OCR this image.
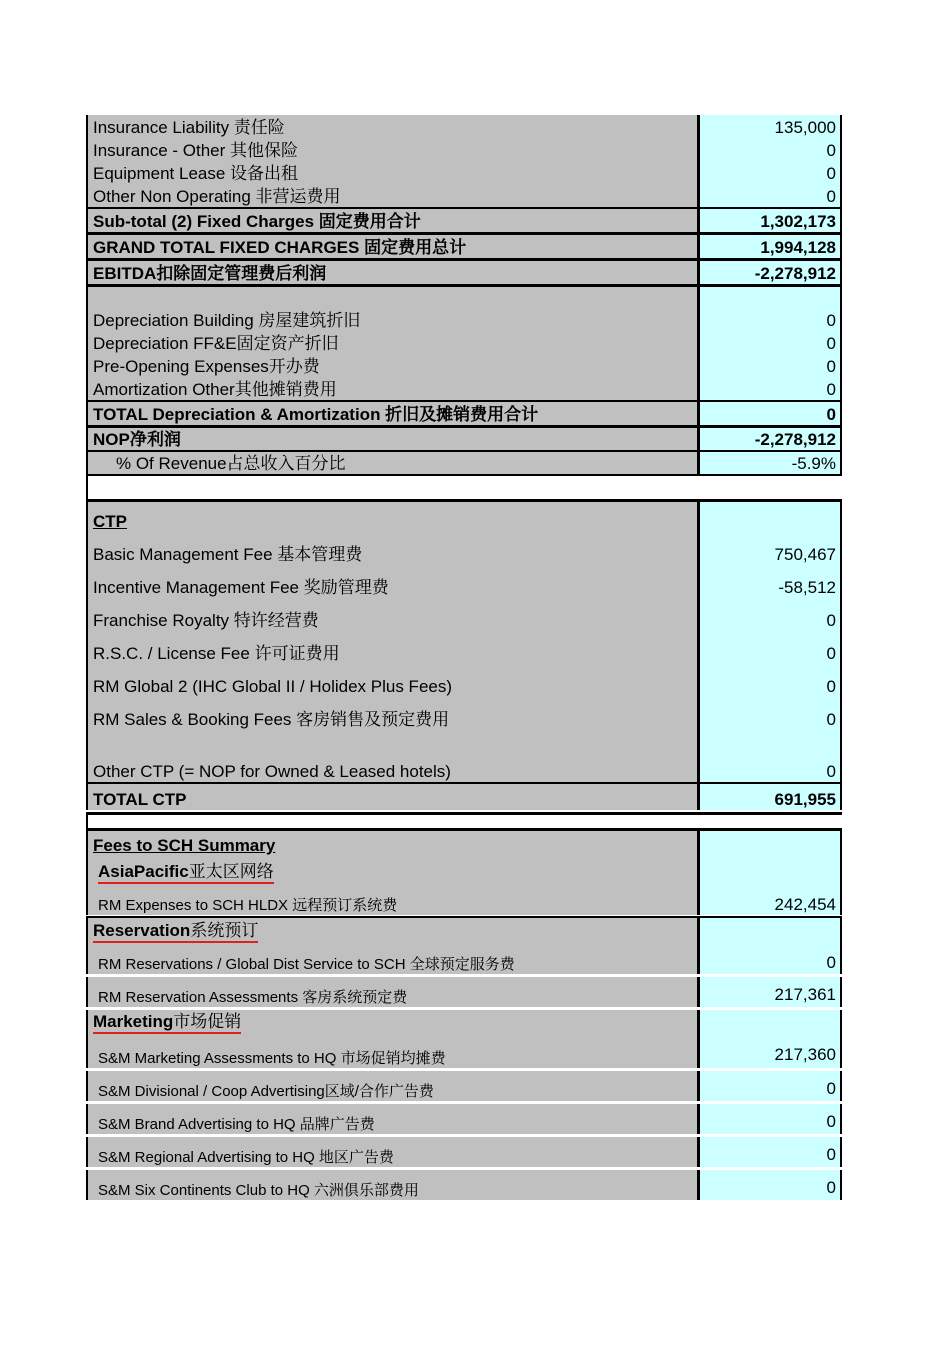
Insurance Liability 责任险	135,000
Insurance - Other 其他保险	0
Equipment Lease 设备出租	0
Other Non Operating 非营运费用	0
Sub-total (2) Fixed Charges 固定费用合计	1,302,173
GRAND TOTAL FIXED CHARGES 固定费用总计	1,994,128
EBITDA扣除固定管理费后利润	-2,278,912
Depreciation Building 房屋建筑折旧	0
Depreciation FF&E固定资产折旧	0
Pre-Opening Expenses开办费	0
Amortization Other其他摊销费用	0
TOTAL Depreciation & Amortization 折旧及摊销费用合计	0
NOP净利润	-2,278,912
% Of Revenue占总收入百分比	-5.9%
CTP
Basic Management Fee 基本管理费	750,467
Incentive Management Fee 奖励管理费	-58,512
Franchise Royalty 特许经营费	0
R.S.C. / License Fee 许可证费用	0
RM Global 2 (IHC Global II / Holidex Plus Fees)	0
RM Sales & Booking Fees 客房销售及预定费用	0
Other CTP (= NOP for Owned & Leased hotels)	0
TOTAL CTP	691,955
Fees to SCH Summary
AsiaPacific亚太区网络
RM Expenses to SCH HLDX 远程预订系统费	242,454
Reservation系统预订
RM Reservations / Global Dist Service to SCH 全球预定服务费	0
RM Reservation Assessments 客房系统预定费	217,361
Marketing市场促销
S&M Marketing Assessments to HQ 市场促销均摊费	217,360
S&M Divisional / Coop Advertising区域/合作广告费	0
S&M Brand Advertising to HQ 品牌广告费	0
S&M Regional Advertising to HQ 地区广告费	0
S&M Six Continents Club to HQ 六洲俱乐部费用	0
